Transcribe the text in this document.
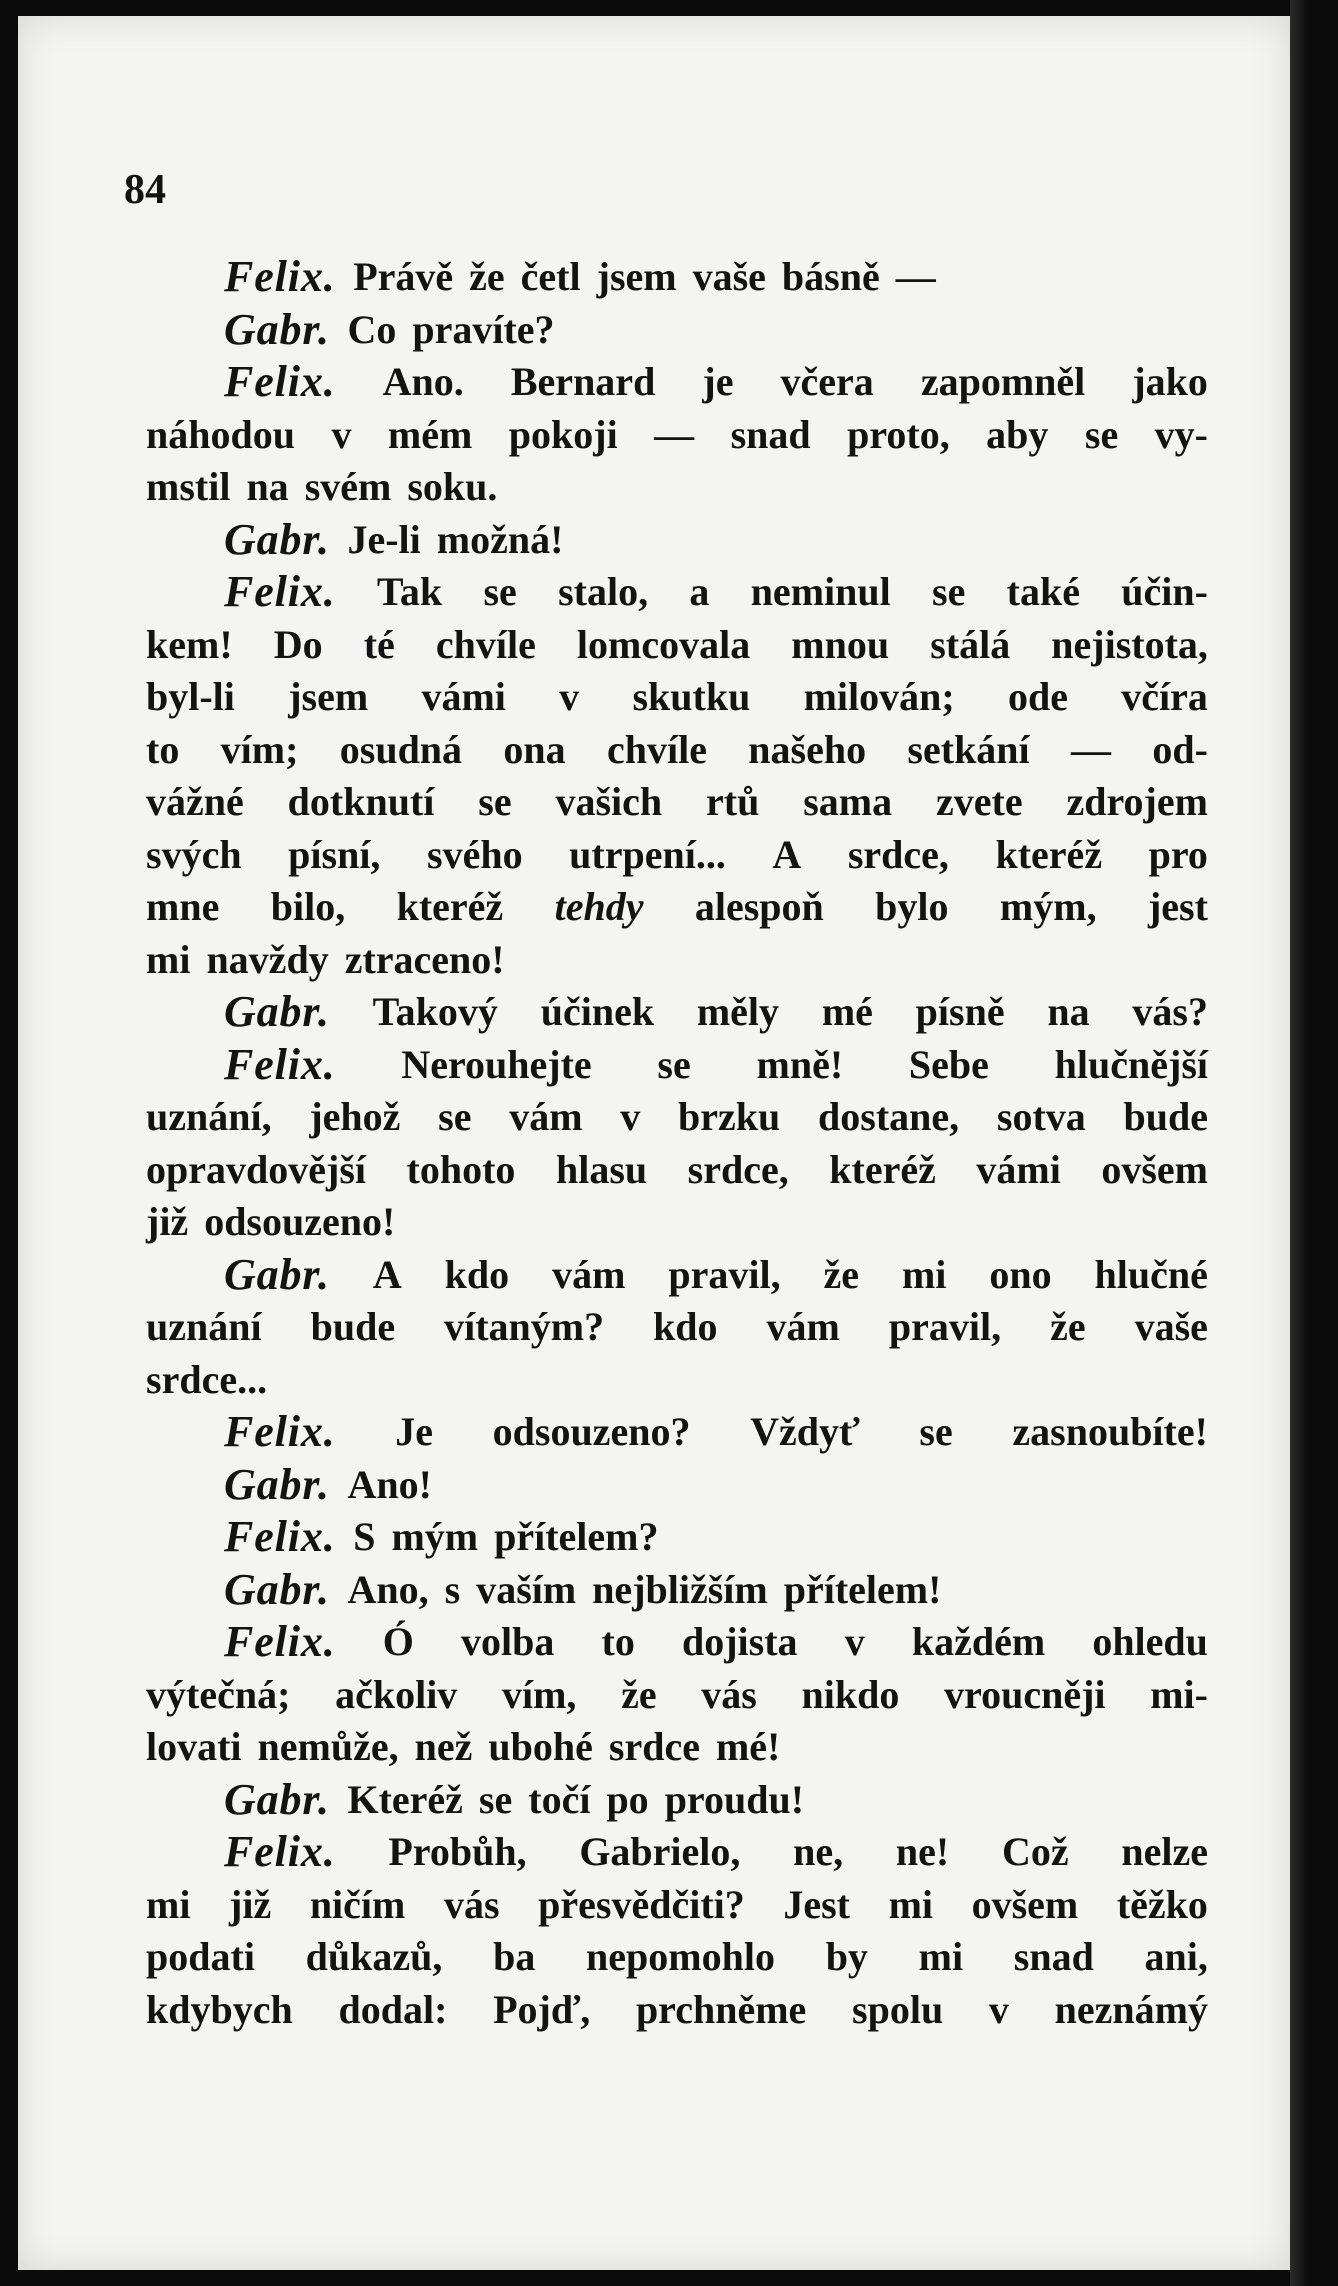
84
Felix. Právě že četl jsem vaše básně —
Gabr. Co pravíte?
Felix. Ano. Bernard je včera zapomněl jako
náhodou v mém pokoji — snad proto, aby se vy-
mstil na svém soku.
Gabr. Je-li možná!
Felix. Tak se stalo, a neminul se také účin-
kem! Do té chvíle lomcovala mnou stálá nejistota,
byl-li jsem vámi v skutku milován; ode včíra
to vím; osudná ona chvíle našeho setkání — od-
vážné dotknutí se vašich rtů sama zvete zdrojem
svých písní, svého utrpení... A srdce, kteréž pro
mne bilo, kteréž tehdy alespoň bylo mým, jest
mi navždy ztraceno!
Gabr. Takový účinek měly mé písně na vás?
Felix. Nerouhejte se mně! Sebe hlučnější
uznání, jehož se vám v brzku dostane, sotva bude
opravdovější tohoto hlasu srdce, kteréž vámi ovšem
již odsouzeno!
Gabr. A kdo vám pravil, že mi ono hlučné
uznání bude vítaným? kdo vám pravil, že vaše
srdce...
Felix. Je odsouzeno? Vždyť se zasnoubíte!
Gabr. Ano!
Felix. S mým přítelem?
Gabr. Ano, s vaším nejbližším přítelem!
Felix. Ó volba to dojista v každém ohledu
výtečná; ačkoliv vím, že vás nikdo vroucněji mi-
lovati nemůže, než ubohé srdce mé!
Gabr. Kteréž se točí po proudu!
Felix. Probůh, Gabrielo, ne, ne! Což nelze
mi již ničím vás přesvědčiti? Jest mi ovšem těžko
podati důkazů, ba nepomohlo by mi snad ani,
kdybych dodal: Pojď, prchněme spolu v neznámý
